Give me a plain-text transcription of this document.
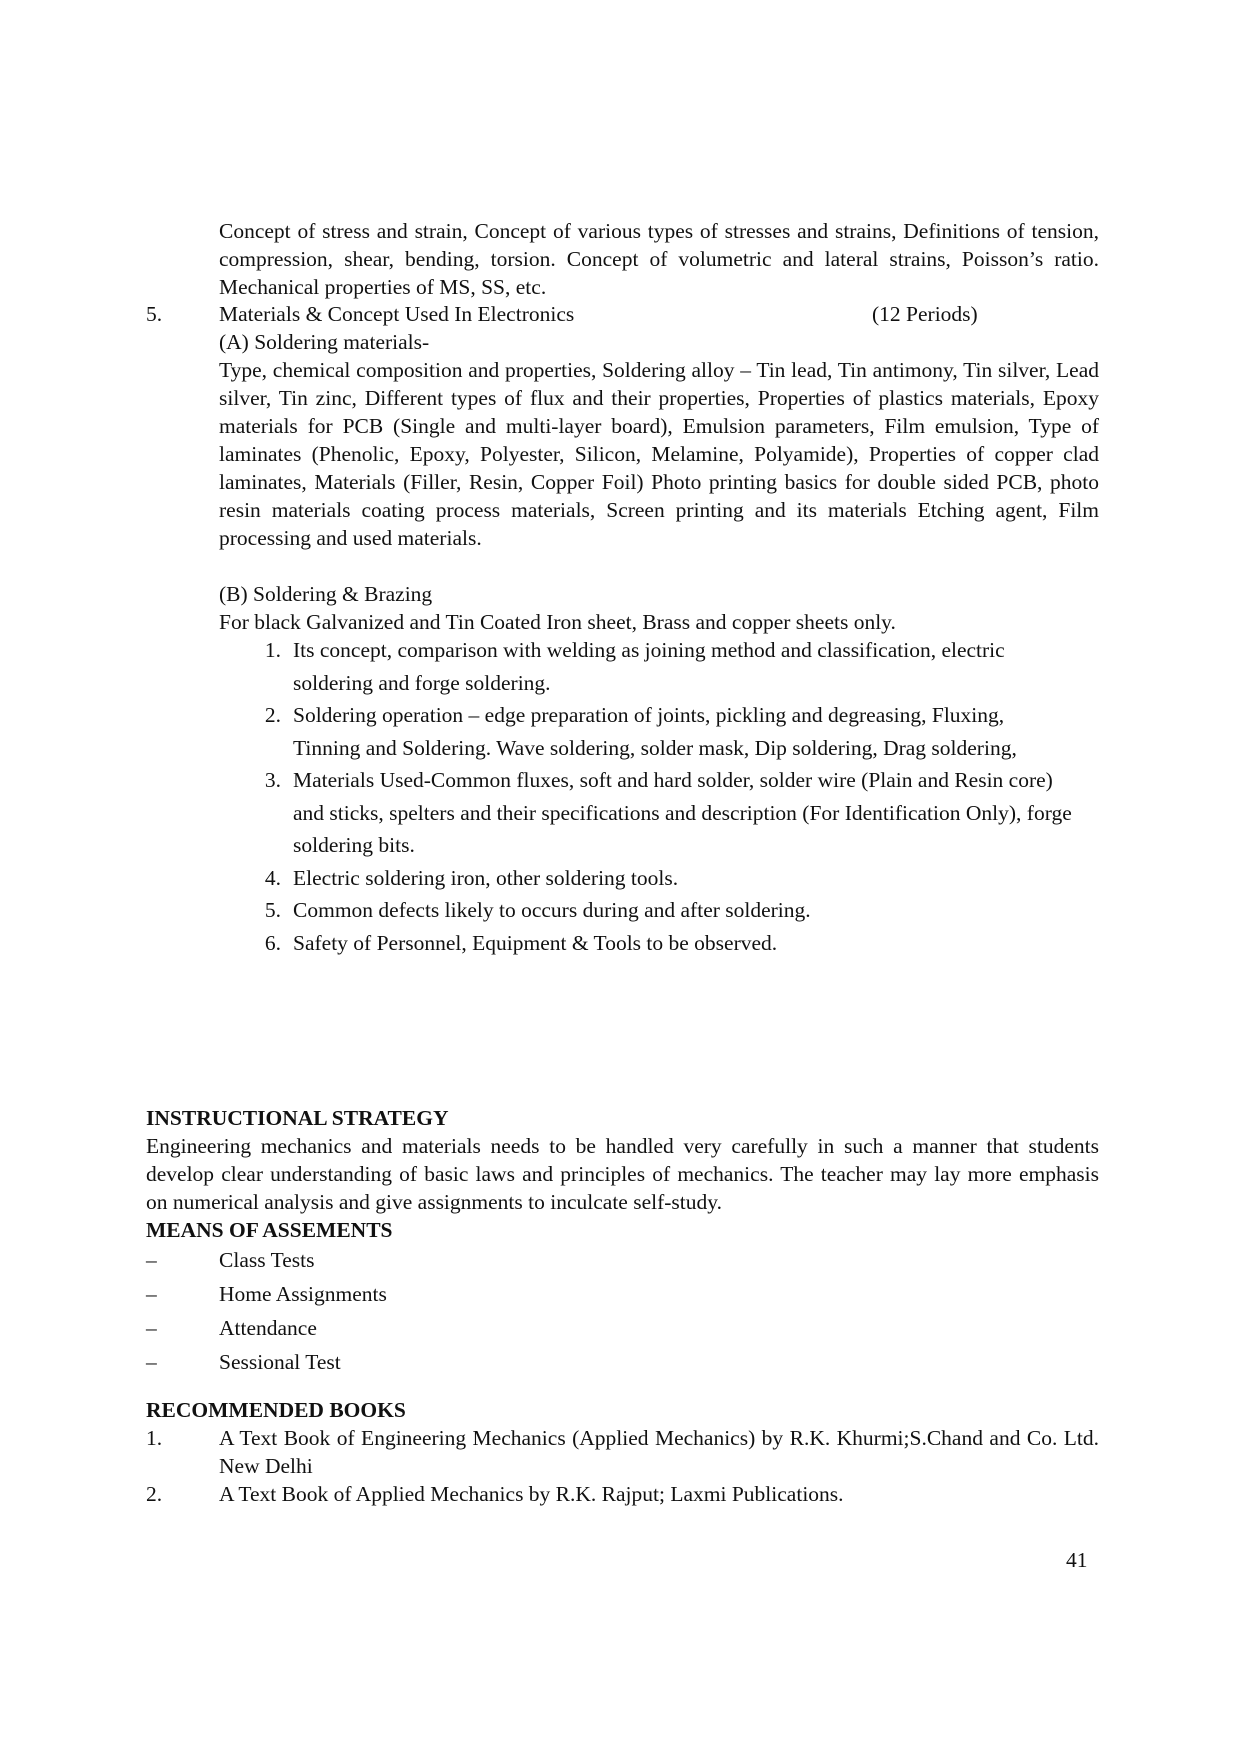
Concept of stress and strain, Concept of various types of stresses and strains, Definitions of tension, compression, shear, bending, torsion. Concept of volumetric and lateral strains, Poisson’s ratio. Mechanical properties of MS, SS, etc.
5.	Materials & Concept Used In Electronics	(12 Periods)
(A) Soldering materials-
Type, chemical composition and properties, Soldering alloy – Tin lead, Tin antimony, Tin silver, Lead silver, Tin zinc, Different types of flux and their properties, Properties of plastics materials, Epoxy materials for PCB (Single and multi-layer board), Emulsion parameters, Film emulsion, Type of laminates (Phenolic, Epoxy, Polyester, Silicon, Melamine, Polyamide), Properties of copper clad laminates, Materials (Filler, Resin, Copper Foil) Photo printing basics for double sided PCB, photo resin materials coating process materials, Screen printing and its materials Etching agent, Film processing and used materials.
(B) Soldering & Brazing
For black Galvanized and Tin Coated Iron sheet, Brass and copper sheets only.
1. Its concept, comparison with welding as joining method and classification, electric soldering and forge soldering.
2. Soldering operation – edge preparation of joints, pickling and degreasing, Fluxing, Tinning and Soldering. Wave soldering, solder mask, Dip soldering, Drag soldering,
3. Materials Used-Common fluxes, soft and hard solder, solder wire (Plain and Resin core) and sticks, spelters and their specifications and description (For Identification Only), forge soldering bits.
4. Electric soldering iron, other soldering tools.
5. Common defects likely to occurs during and after soldering.
6. Safety of Personnel, Equipment & Tools to be observed.
INSTRUCTIONAL STRATEGY
Engineering mechanics and materials needs to be handled very carefully in such a manner that students develop clear understanding of basic laws and principles of mechanics. The teacher may lay more emphasis on numerical analysis and give assignments to inculcate self-study.
MEANS OF ASSEMENTS
–	Class Tests
–	Home Assignments
–	Attendance
–	Sessional Test
RECOMMENDED BOOKS
1.	A Text Book of Engineering Mechanics (Applied Mechanics) by R.K. Khurmi;S.Chand and Co. Ltd. New Delhi
2.	A Text Book of Applied Mechanics by R.K. Rajput; Laxmi Publications.
41
